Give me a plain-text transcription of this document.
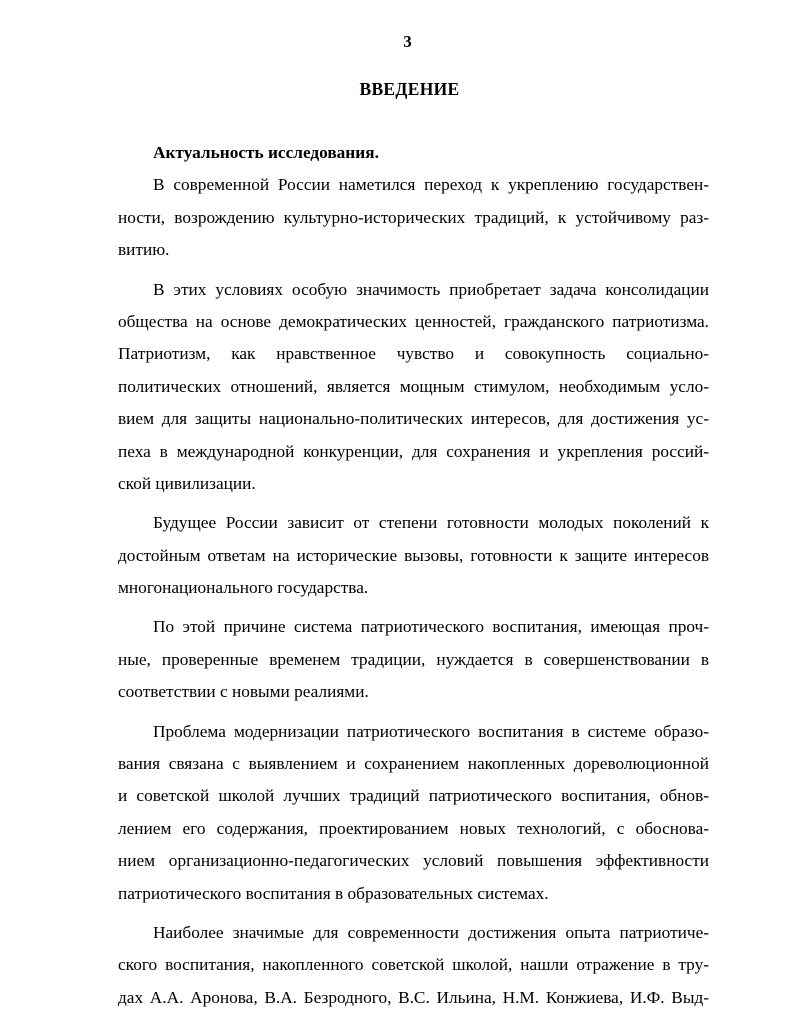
3
ВВЕДЕНИЕ
Актуальность исследования.
В современной России наметился переход к укреплению государствен-
ности, возрождению культурно-исторических традиций, к устойчивому раз-
витию.
В этих условиях особую значимость приобретает задача консолидации
общества на основе демократических ценностей, гражданского патриотизма.
Патриотизм, как нравственное чувство и совокупность социально-
политических отношений, является мощным стимулом, необходимым усло-
вием для защиты национально-политических интересов, для достижения ус-
пеха в международной конкуренции, для сохранения и укрепления россий-
ской цивилизации.
Будущее России зависит от степени готовности молодых поколений к
достойным ответам на исторические вызовы, готовности к защите интересов
многонационального государства.
По этой причине система патриотического воспитания, имеющая проч-
ные, проверенные временем традиции, нуждается в совершенствовании в
соответствии с новыми реалиями.
Проблема модернизации патриотического воспитания в системе образо-
вания связана с выявлением и сохранением накопленных дореволюционной
и советской школой лучших традиций патриотического воспитания, обнов-
лением его содержания, проектированием новых технологий, с обоснова-
нием организационно-педагогических условий повышения эффективности
патриотического воспитания в образовательных системах.
Наиболее значимые для современности достижения опыта патриотиче-
ского воспитания, накопленного советской школой, нашли отражение в тру-
дах А.А. Аронова, В.А. Безродного, В.С. Ильина, Н.М. Конжиева, И.Ф. Выд-
